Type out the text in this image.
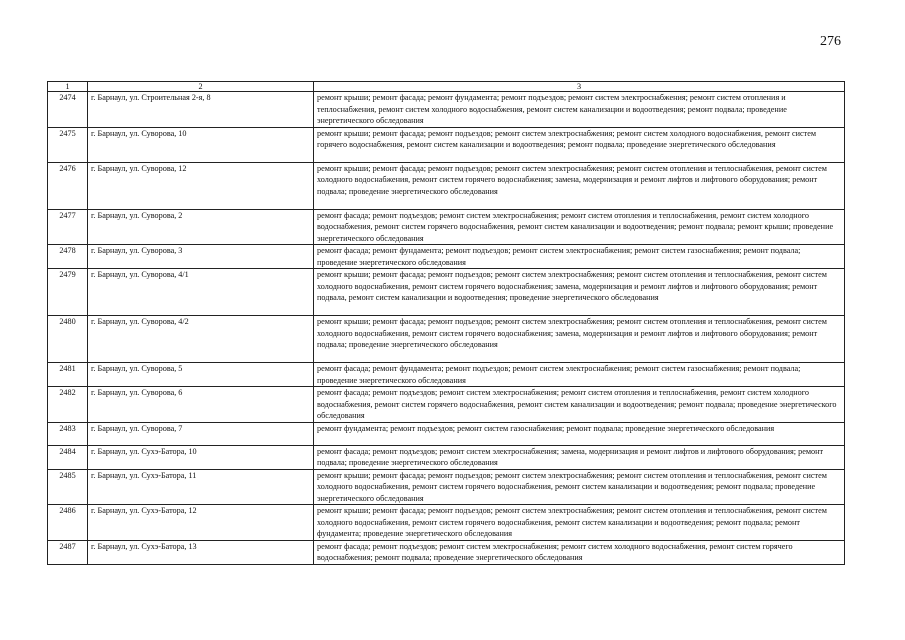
276
1	2	3
2474	г. Барнаул, ул. Строительная 2-я, 8	ремонт крыши; ремонт фасада; ремонт фундамента; ремонт подъездов; ремонт систем электроснабжения; ремонт систем отопления и теплоснабжения, ремонт систем холодного водоснабжения, ремонт систем канализации и водоотведения; ремонт подвала; проведение энергетического обследования
2475	г. Барнаул, ул. Суворова, 10	ремонт крыши; ремонт фасада; ремонт подъездов; ремонт систем электроснабжения; ремонт систем холодного водоснабжения, ремонт систем горячего водоснабжения, ремонт систем канализации и водоотведения; ремонт подвала; проведение энергетического обследования
2476	г. Барнаул, ул. Суворова, 12	ремонт крыши; ремонт фасада; ремонт подъездов; ремонт систем электроснабжения; ремонт систем отопления и теплоснабжения, ремонт систем холодного водоснабжения, ремонт систем горячего водоснабжения; замена, модернизация и ремонт лифтов и лифтового оборудования; ремонт подвала; проведение энергетического обследования
2477	г. Барнаул, ул. Суворова, 2	ремонт фасада; ремонт подъездов; ремонт систем электроснабжения; ремонт систем отопления и теплоснабжения, ремонт систем холодного водоснабжения, ремонт систем горячего водоснабжения, ремонт систем канализации и водоотведения; ремонт подвала; ремонт крыши; проведение энергетического обследования
2478	г. Барнаул, ул. Суворова, 3	ремонт фасада; ремонт фундамента; ремонт подъездов; ремонт систем электроснабжения; ремонт систем газоснабжения; ремонт подвала; проведение энергетического обследования
2479	г. Барнаул, ул. Суворова, 4/1	ремонт крыши; ремонт фасада; ремонт подъездов; ремонт систем электроснабжения; ремонт систем отопления и теплоснабжения, ремонт систем холодного водоснабжения, ремонт систем горячего водоснабжения; замена, модернизация и ремонт лифтов и лифтового оборудования; ремонт подвала, ремонт систем канализации и водоотведения; проведение энергетического обследования
2480	г. Барнаул, ул. Суворова, 4/2	ремонт крыши; ремонт фасада; ремонт подъездов; ремонт систем электроснабжения; ремонт систем отопления и теплоснабжения, ремонт систем холодного водоснабжения, ремонт систем горячего водоснабжения; замена, модернизация и ремонт лифтов и лифтового оборудования; ремонт подвала; проведение энергетического обследования
2481	г. Барнаул, ул. Суворова, 5	ремонт фасада; ремонт фундамента; ремонт подъездов; ремонт систем электроснабжения; ремонт систем газоснабжения; ремонт подвала; проведение энергетического обследования
2482	г. Барнаул, ул. Суворова, 6	ремонт фасада; ремонт подъездов; ремонт систем электроснабжения; ремонт систем отопления и теплоснабжения, ремонт систем холодного водоснабжения, ремонт систем горячего водоснабжения, ремонт систем канализации и водоотведения; ремонт подвала; проведение энергетического обследования
2483	г. Барнаул, ул. Суворова, 7	ремонт фундамента; ремонт подъездов; ремонт систем газоснабжения; ремонт подвала; проведение энергетического обследования
2484	г. Барнаул, ул. Сухэ-Батора, 10	ремонт фасада; ремонт подъездов; ремонт систем электроснабжения; замена, модернизация и ремонт лифтов и лифтового оборудования; ремонт подвала; проведение энергетического обследования
2485	г. Барнаул, ул. Сухэ-Батора, 11	ремонт крыши; ремонт фасада; ремонт подъездов; ремонт систем электроснабжения; ремонт систем отопления и теплоснабжения, ремонт систем холодного водоснабжения, ремонт систем горячего водоснабжения, ремонт систем канализации и водоотведения; ремонт подвала; проведение энергетического обследования
2486	г. Барнаул, ул. Сухэ-Батора, 12	ремонт крыши; ремонт фасада; ремонт подъездов; ремонт систем электроснабжения; ремонт систем отопления и теплоснабжения, ремонт систем холодного водоснабжения, ремонт систем горячего водоснабжения, ремонт систем канализации и водоотведения; ремонт подвала; ремонт фундамента; проведение энергетического обследования
2487	г. Барнаул, ул. Сухэ-Батора, 13	ремонт фасада; ремонт подъездов; ремонт систем электроснабжения; ремонт систем холодного водоснабжения, ремонт систем горячего водоснабжения; ремонт подвала; проведение энергетического обследования
